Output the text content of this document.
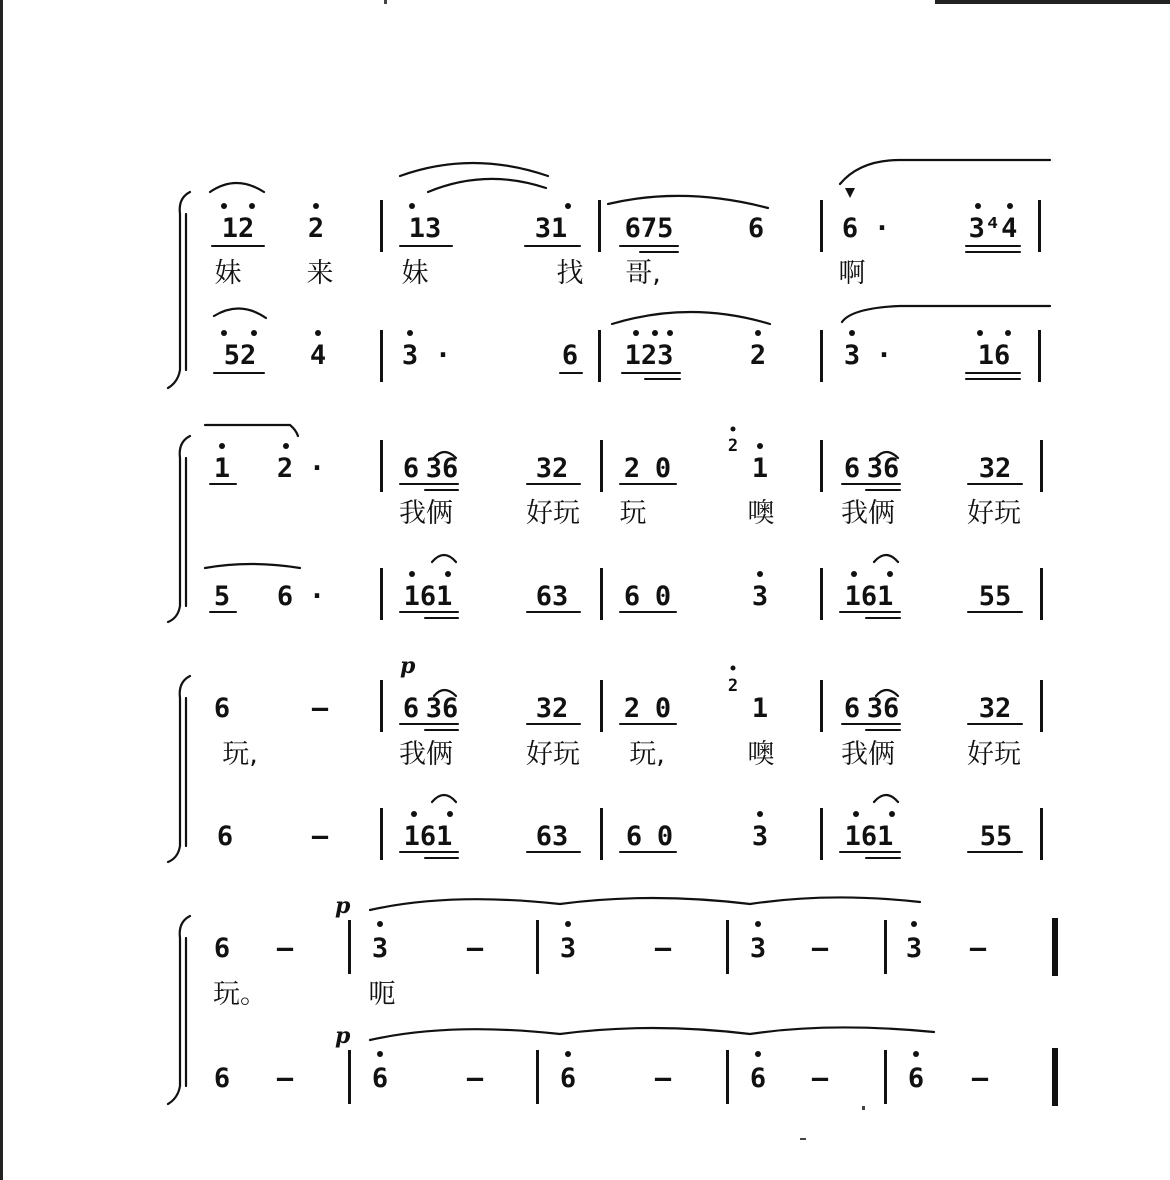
12 2	13	31 675	6	6 ·	3⁴4
妹 来	妹	找 哥,	啊
52 4	3 ·	6 123	2	3 ·	16
1 2 ·	6 36	32 2 0	1	6 36	32
2
我俩	好玩 玩	噢 我俩	好玩
5 6 ·	161	63 6 0	3	161	55
p
6	—	6 36	32 2 0	1	6 36	32
2
玩,	我俩	好玩 玩,	噢 我俩	好玩
6	—	161	63 6 0	3	161	55
p
6 —	3	—	3	—	3 —	3 —
玩。	呃
p
6 —	6	—	6	—	6 —	6 —
